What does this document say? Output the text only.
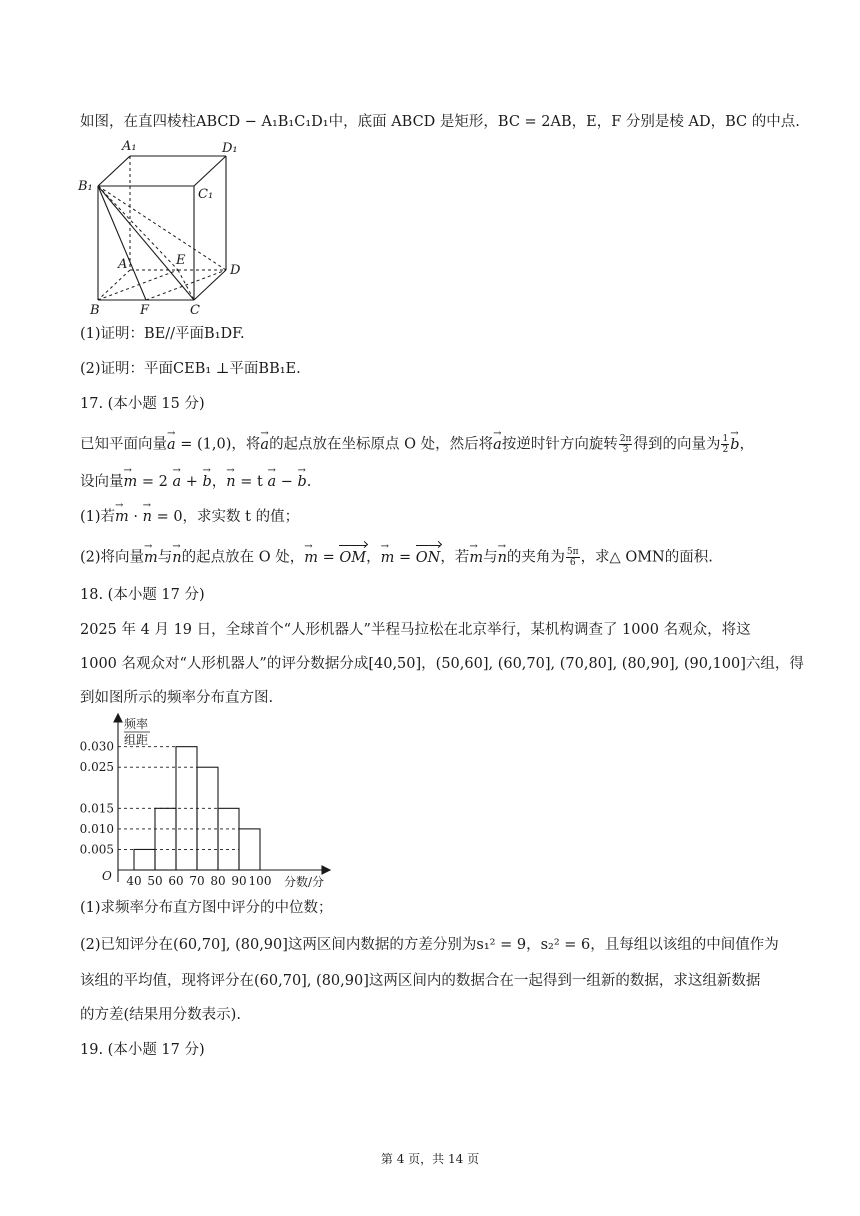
如图，在直四棱柱ABCD − A₁B₁C₁D₁中，底面 ABCD 是矩形，BC = 2AB，E，F 分别是棱 AD，BC 的中点.
A₁	D₁
B₁
C₁
A	E
D
B	F	C
(1)证明：BE//平面B₁DF.
(2)证明：平面CEB₁ ⊥平面BB₁E.
17. (本小题 15 分)
已知平面向量→ a = (1,0)，将→ a的起点放在坐标原点 O 处，然后将→ a按逆时针方向旋转 $\frac{2\pi}{3}$ 得到的向量为 $\frac{1}{2}$
→ b，
设向量→ m = 2 → a + → b，→ n = t → a − → b.
(1)若→ m · → n = 0，求实数 t 的值；
(2)将向量→ m与→ n的起点放在 O 处，→ m = OM，→ m = ON，若→ m与→ n的夹角为 $\frac{5\pi}{6}$ ，求△ OMN的面积.
18. (本小题 17 分)
2025 年 4 月 19 日，全球首个“人形机器人”半程马拉松在北京举行，某机构调查了 1000 名观众，将这
1000 名观众对“人形机器人”的评分数据分成[40,50]，(50,60], (60,70], (70,80], (80,90], (90,100]六组，得
到如图所示的频率分布直方图.
0.030
0.025
0.015
0.010
0.005
40 50 60 70 80 90 100
频率
组距
O	分数/分
(1)求频率分布直方图中评分的中位数；
(2)已知评分在(60,70], (80,90]这两区间内数据的方差分别为s₁² = 9，s₂² = 6，且每组以该组的中间值作为
该组的平均值，现将评分在(60,70], (80,90]这两区间内的数据合在一起得到一组新的数据，求这组新数据
的方差(结果用分数表示).
19. (本小题 17 分)
第 4 页，共 14 页
